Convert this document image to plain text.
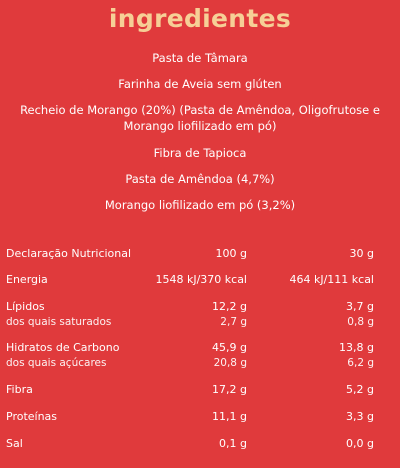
ingredientes
Pasta de Tâmara
Farinha de Aveia sem glúten
Recheio de Morango (20%) (Pasta de Amêndoa, Oligofrutose e Morango liofilizado em pó)
Fibra de Tapioca
Pasta de Amêndoa (4,7%)
Morango liofilizado em pó (3,2%)
Declaração Nutricional	100 g	30 g
Energia	1548 kJ/370 kcal	464 kJ/111 kcal
Lípidos	12,2 g	3,7 g
dos quais saturados	2,7 g	0,8 g
Hidratos de Carbono	45,9 g	13,8 g
dos quais açúcares	20,8 g	6,2 g
Fibra	17,2 g	5,2 g
Proteínas	11,1 g	3,3 g
Sal	0,1 g	0,0 g
